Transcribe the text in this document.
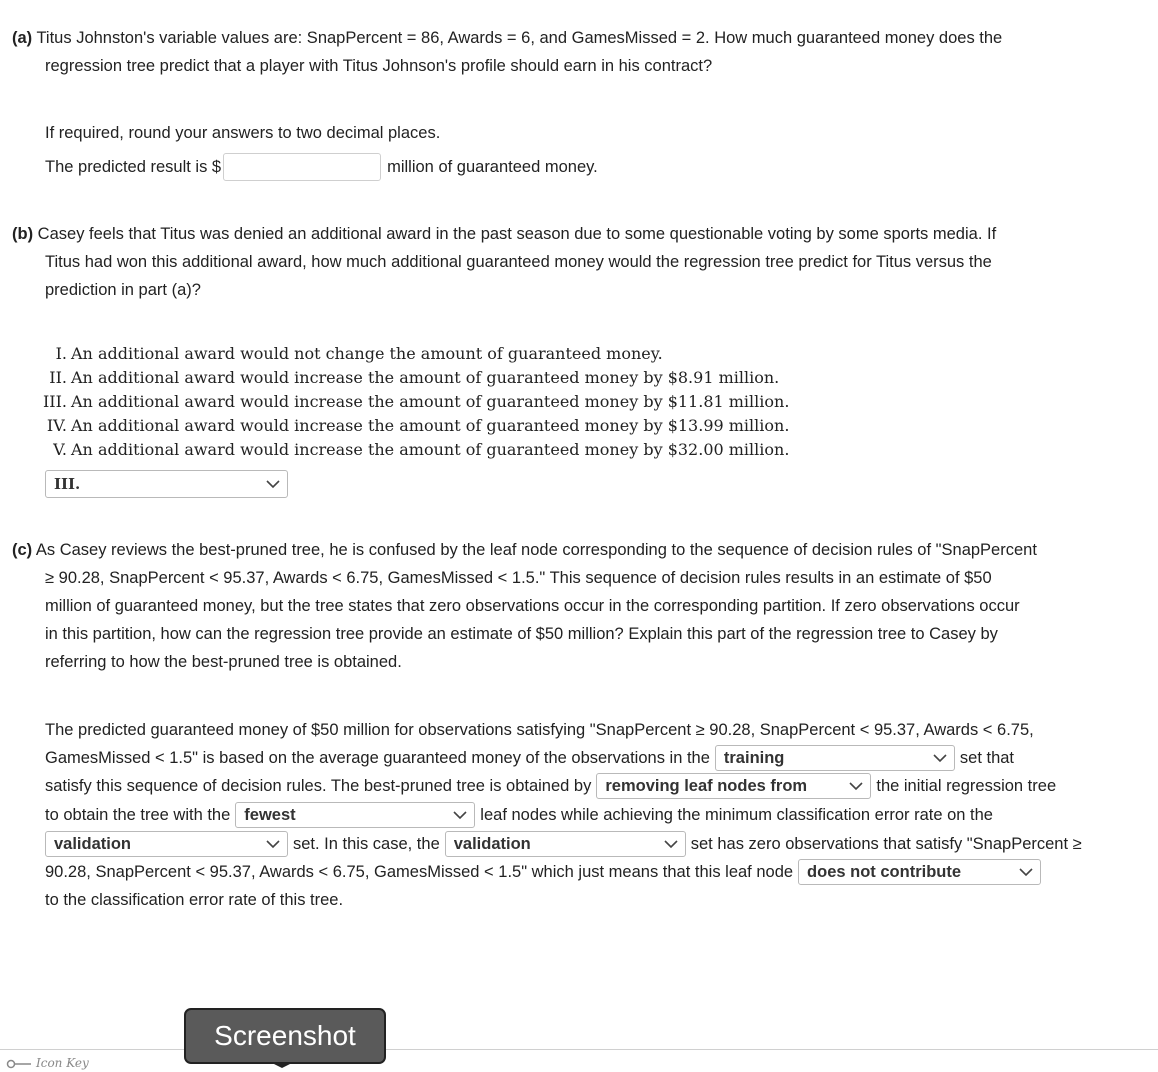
(a) Titus Johnston's variable values are: SnapPercent = 86, Awards = 6, and GamesMissed = 2. How much guaranteed money does the
regression tree predict that a player with Titus Johnson's profile should earn in his contract?
If required, round your answers to two decimal places.
The predicted result is $	million of guaranteed money.
(b) Casey feels that Titus was denied an additional award in the past season due to some questionable voting by some sports media. If
Titus had won this additional award, how much additional guaranteed money would the regression tree predict for Titus versus the
prediction in part (a)?
I. An additional award would not change the amount of guaranteed money.
II. An additional award would increase the amount of guaranteed money by $8.91 million.
III. An additional award would increase the amount of guaranteed money by $11.81 million.
IV. An additional award would increase the amount of guaranteed money by $13.99 million.
V. An additional award would increase the amount of guaranteed money by $32.00 million.
III.
(c) As Casey reviews the best-pruned tree, he is confused by the leaf node corresponding to the sequence of decision rules of "SnapPercent
≥ 90.28, SnapPercent < 95.37, Awards < 6.75, GamesMissed < 1.5." This sequence of decision rules results in an estimate of $50
million of guaranteed money, but the tree states that zero observations occur in the corresponding partition. If zero observations occur
in this partition, how can the regression tree provide an estimate of $50 million? Explain this part of the regression tree to Casey by
referring to how the best-pruned tree is obtained.
The predicted guaranteed money of $50 million for observations satisfying "SnapPercent ≥ 90.28, SnapPercent < 95.37, Awards < 6.75,
GamesMissed < 1.5" is based on the average guaranteed money of the observations in the training	set that
satisfy this sequence of decision rules. The best-pruned tree is obtained by removing leaf nodes from	the initial regression tree
to obtain the tree with the fewest	leaf nodes while achieving the minimum classification error rate on the
validation	set. In this case, the validation	set has zero observations that satisfy "SnapPercent ≥
90.28, SnapPercent < 95.37, Awards < 6.75, GamesMissed < 1.5" which just means that this leaf node does not contribute
to the classification error rate of this tree.
Icon Key
Screenshot
